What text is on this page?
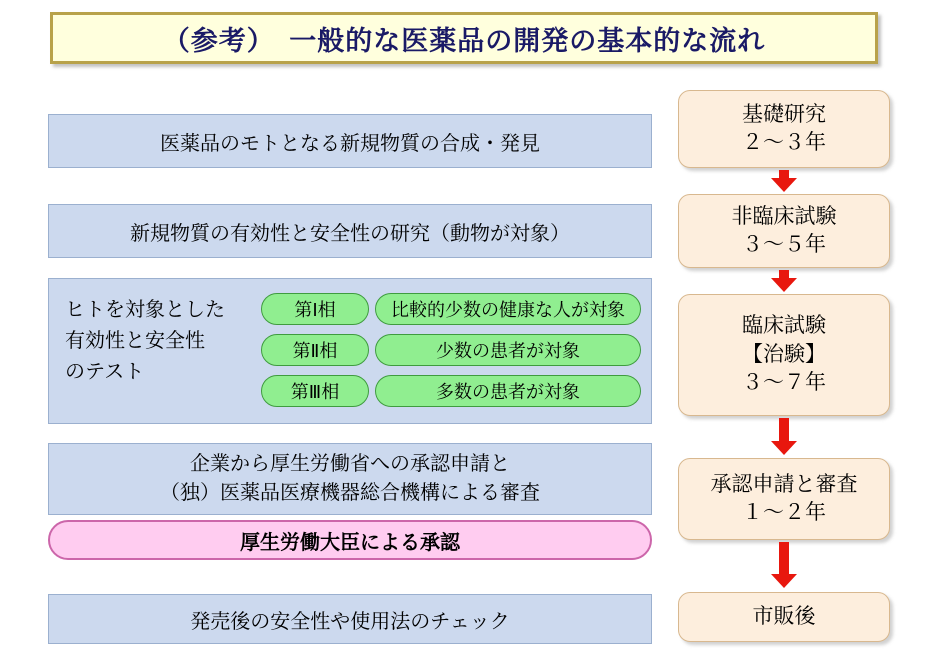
（参考）　一般的な医薬品の開発の基本的な流れ
医薬品のモトとなる新規物質の合成・発見
新規物質の有効性と安全性の研究（動物が対象）
ヒトを対象とした
有効性と安全性
のテスト
第Ⅰ相	比較的少数の健康な人が対象
第Ⅱ相	少数の患者が対象
第Ⅲ相	多数の患者が対象
企業から厚生労働省への承認申請と
（独）医薬品医療機器総合機構による審査
厚生労働大臣による承認
発売後の安全性や使用法のチェック
基礎研究
２～３年
非臨床試験
３～５年
臨床試験
【治験】
３～７年
承認申請と審査
１～２年
市販後
